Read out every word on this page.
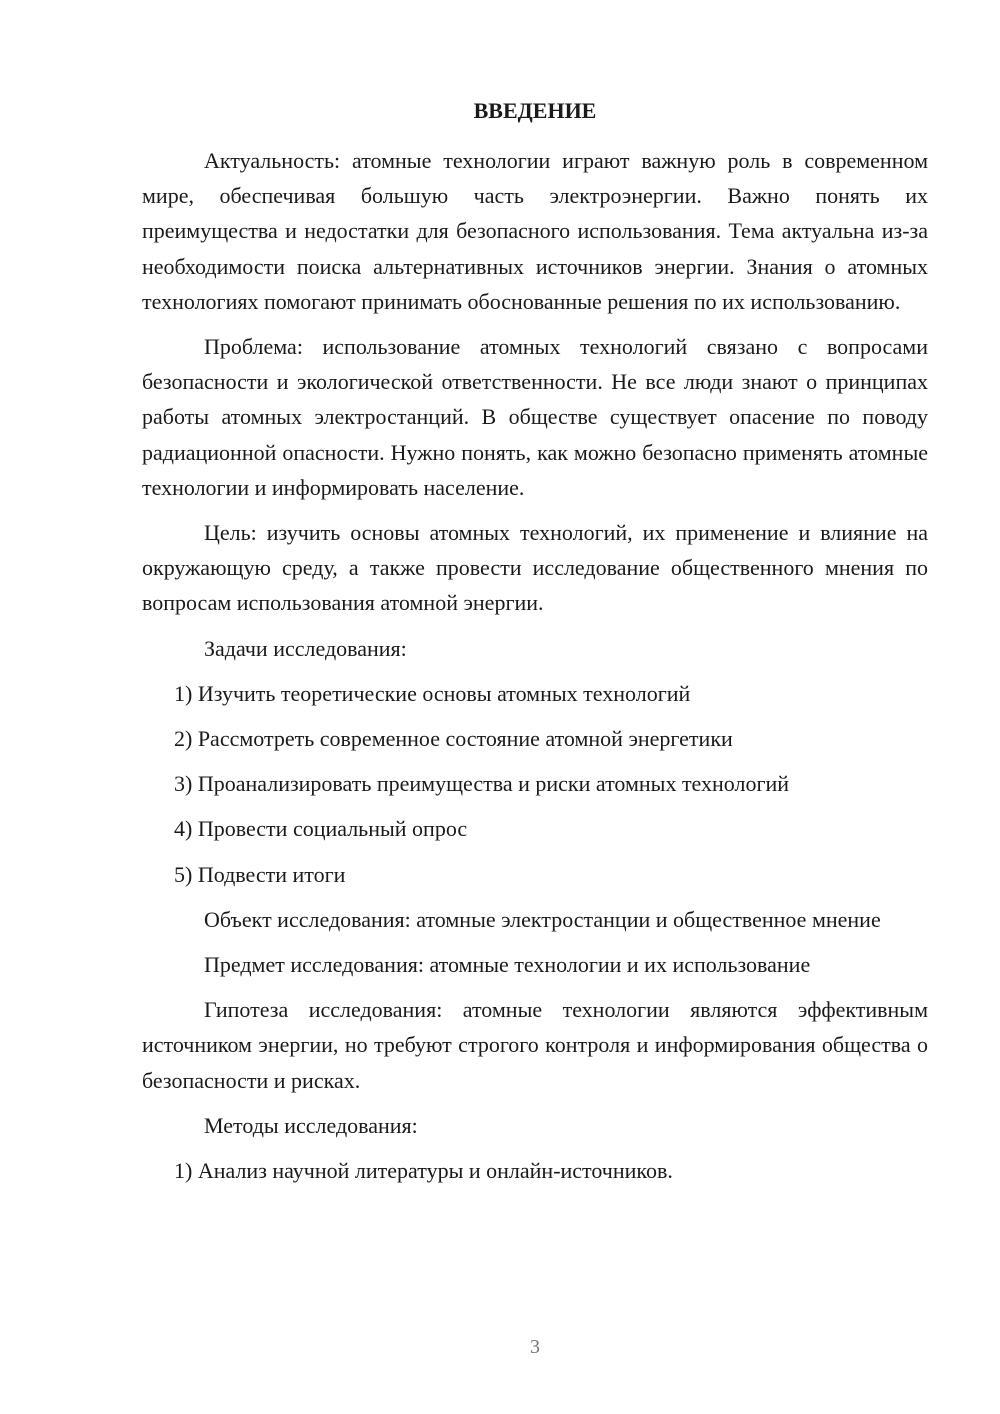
ВВЕДЕНИЕ

Актуальность: атомные технологии играют важную роль в современном мире, обеспечивая большую часть электроэнергии. Важно понять их преимущества и недостатки для безопасного использования. Тема актуальна из-за необходимости поиска альтернативных источников энергии. Знания о атомных технологиях помогают принимать обоснованные решения по их использованию.

Проблема: использование атомных технологий связано с вопросами безопасности и экологической ответственности. Не все люди знают о принципах работы атомных электростанций. В обществе существует опасение по поводу радиационной опасности. Нужно понять, как можно безопасно применять атомные технологии и информировать население.

Цель: изучить основы атомных технологий, их применение и влияние на окружающую среду, а также провести исследование общественного мнения по вопросам использования атомной энергии.

Задачи исследования:

1) Изучить теоретические основы атомных технологий

2) Рассмотреть современное состояние атомной энергетики

3) Проанализировать преимущества и риски атомных технологий

4) Провести социальный опрос

5) Подвести итоги

Объект исследования: атомные электростанции и общественное мнение

Предмет исследования: атомные технологии и их использование

Гипотеза исследования: атомные технологии являются эффективным источником энергии, но требуют строгого контроля и информирования общества о безопасности и рисках.

Методы исследования:

1) Анализ научной литературы и онлайн-источников.

3
